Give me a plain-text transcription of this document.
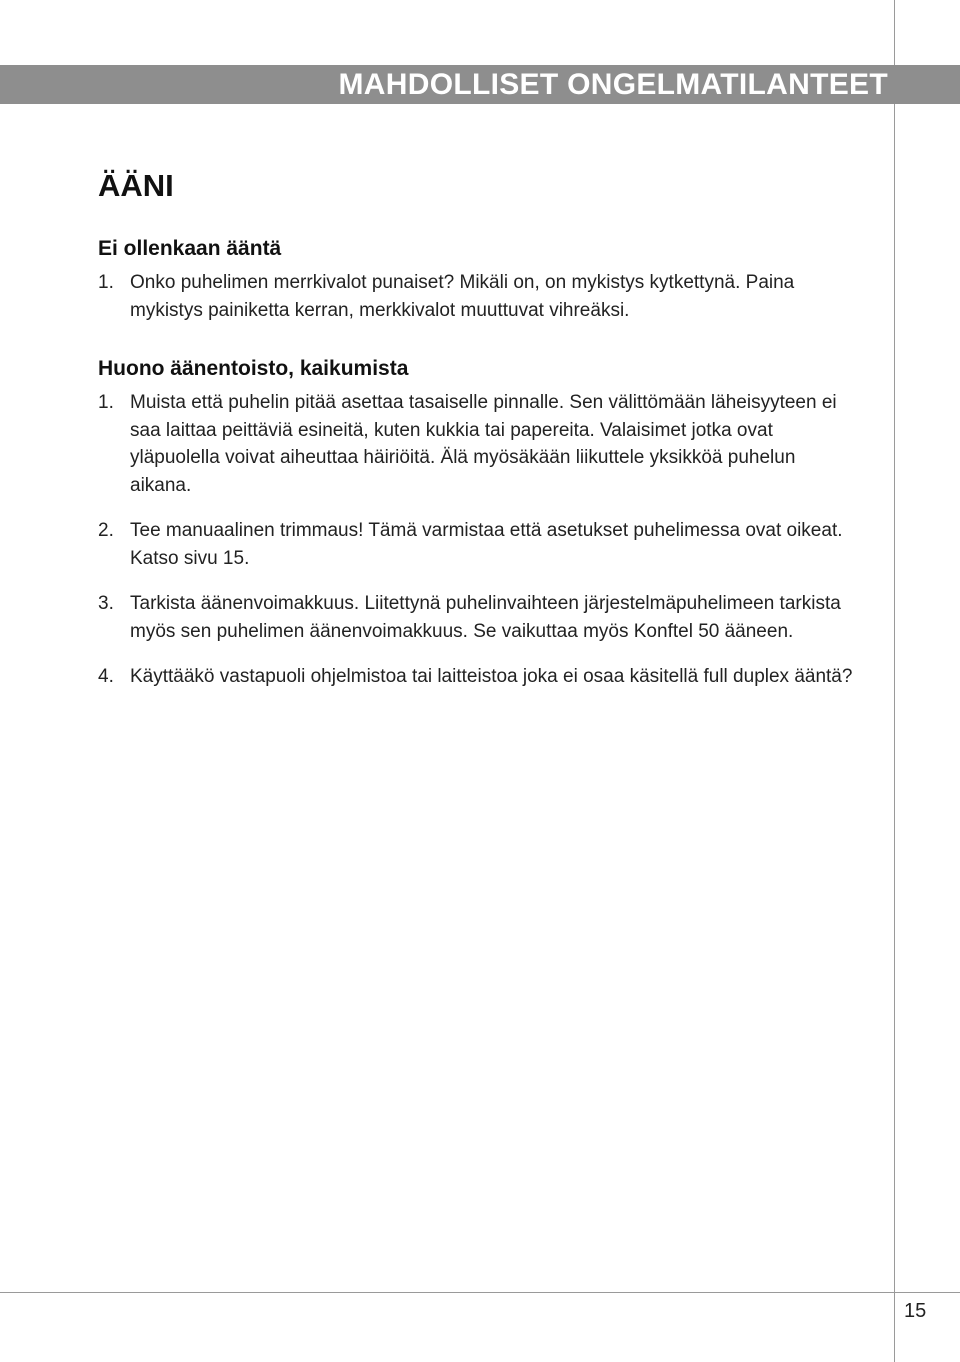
MAHDOLLISET ONGELMATILANTEET
ÄÄNI
Ei ollenkaan ääntä
1. Onko puhelimen merrkivalot punaiset? Mikäli on, on mykistys kytkettynä. Paina mykistys painiketta kerran, merkkivalot muuttuvat vihreäksi.
Huono äänentoisto, kaikumista
1. Muista että puhelin pitää asettaa tasaiselle pinnalle. Sen välittömään läheisyyteen ei saa laittaa peittäviä esineitä, kuten kukkia tai papereita. Valaisimet jotka ovat yläpuolella voivat aiheuttaa häiriöitä. Älä myösäkään liikuttele yksikköä puhelun aikana.
2. Tee manuaalinen trimmaus! Tämä varmistaa että asetukset puhelimessa ovat oikeat. Katso sivu 15.
3. Tarkista äänenvoimakkuus. Liitettynä puhelinvaihteen järjestelmäpuhelimeen tarkista myös sen puhelimen äänenvoimakkuus. Se vaikuttaa myös Konftel 50 ääneen.
4. Käyttääkö vastapuoli ohjelmistoa tai laitteistoa joka ei osaa käsitellä full duplex ääntä?
15
